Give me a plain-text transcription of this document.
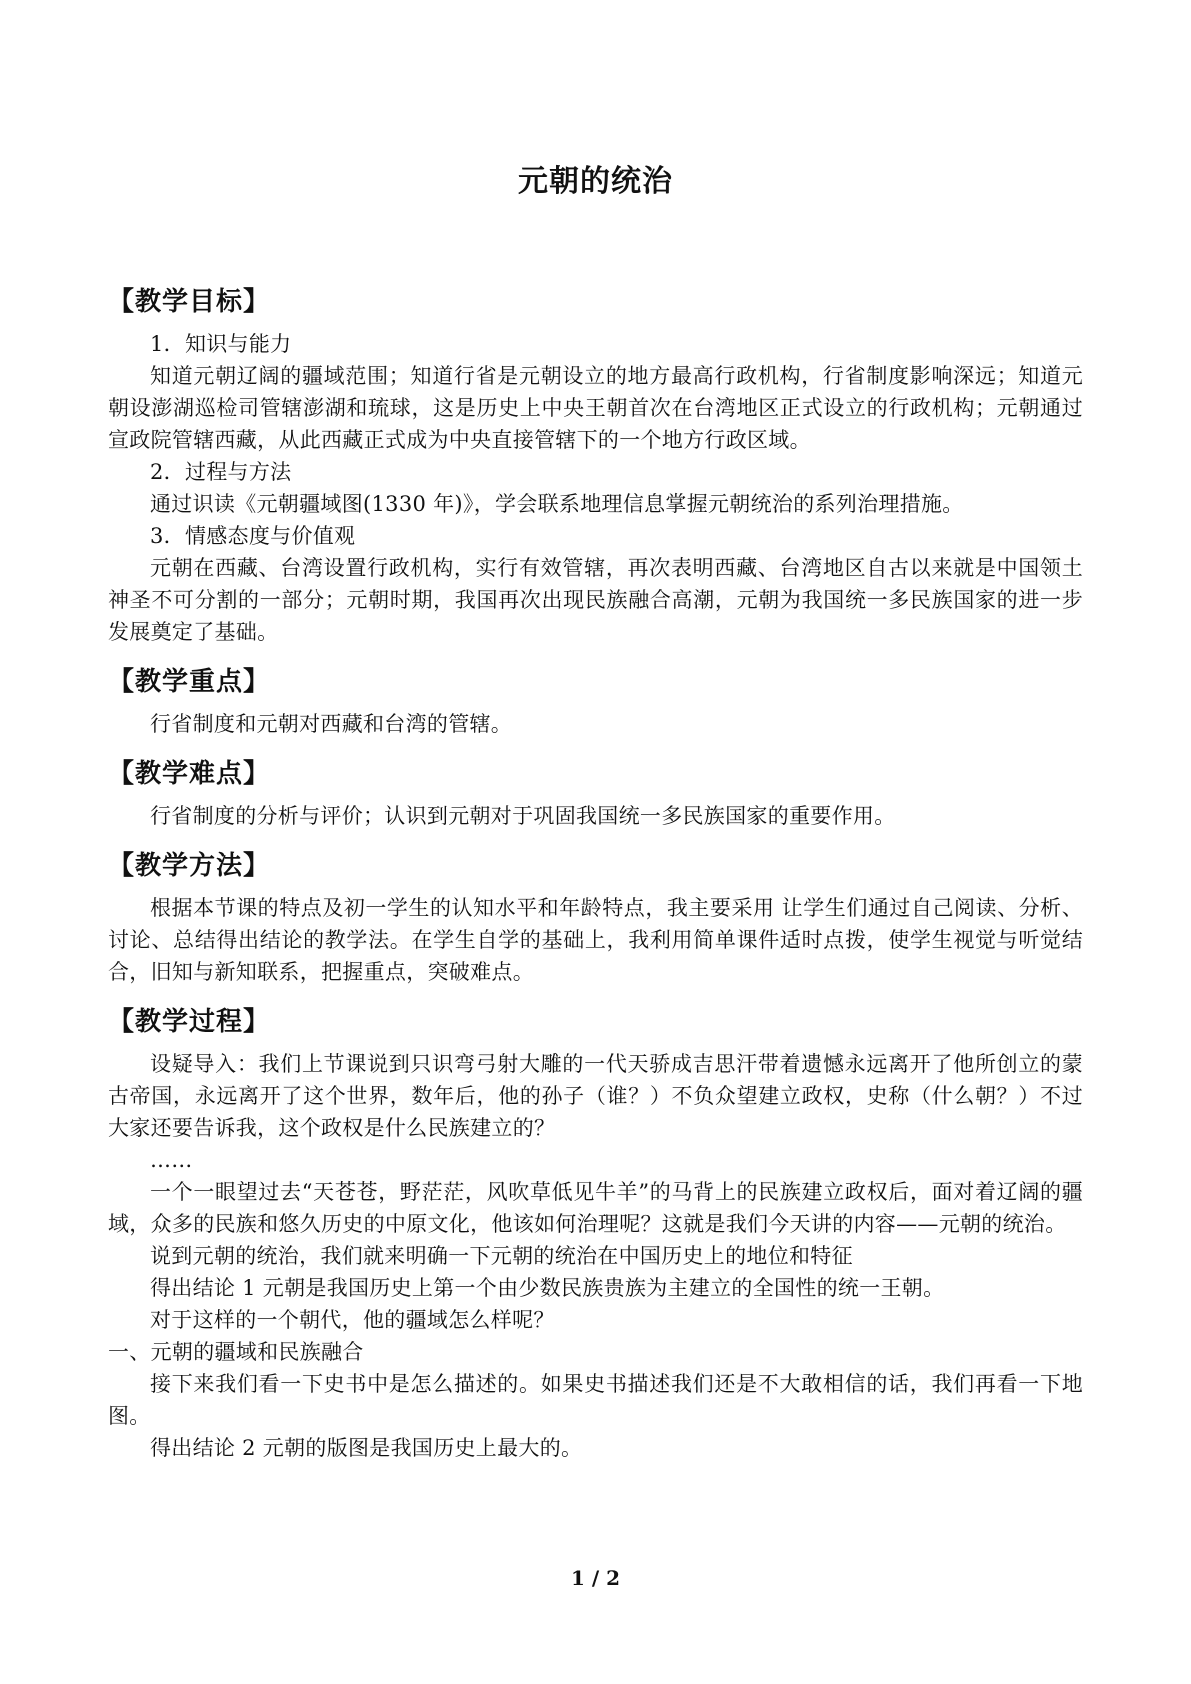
元朝的统治
【教学目标】

1．知识与能力

知道元朝辽阔的疆域范围；知道行省是元朝设立的地方最高行政机构，行省制度影响深远；知道元朝设澎湖巡检司管辖澎湖和琉球，这是历史上中央王朝首次在台湾地区正式设立的行政机构；元朝通过宣政院管辖西藏，从此西藏正式成为中央直接管辖下的一个地方行政区域。

2．过程与方法

通过识读《元朝疆域图(1330 年)》，学会联系地理信息掌握元朝统治的系列治理措施。

3．情感态度与价值观

元朝在西藏、台湾设置行政机构，实行有效管辖，再次表明西藏、台湾地区自古以来就是中国领土神圣不可分割的一部分；元朝时期，我国再次出现民族融合高潮，元朝为我国统一多民族国家的进一步发展奠定了基础。

【教学重点】

行省制度和元朝对西藏和台湾的管辖。

【教学难点】

行省制度的分析与评价；认识到元朝对于巩固我国统一多民族国家的重要作用。

【教学方法】

根据本节课的特点及初一学生的认知水平和年龄特点，我主要采用 让学生们通过自己阅读、分析、讨论、总结得出结论的教学法。在学生自学的基础上，我利用简单课件适时点拨，使学生视觉与听觉结合，旧知与新知联系，把握重点，突破难点。

【教学过程】

设疑导入：我们上节课说到只识弯弓射大雕的一代天骄成吉思汗带着遗憾永远离开了他所创立的蒙古帝国，永远离开了这个世界，数年后，他的孙子（谁？）不负众望建立政权，史称（什么朝？）不过大家还要告诉我，这个政权是什么民族建立的？

……

一个一眼望过去“天苍苍，野茫茫，风吹草低见牛羊”的马背上的民族建立政权后，面对着辽阔的疆域，众多的民族和悠久历史的中原文化，他该如何治理呢？这就是我们今天讲的内容——元朝的统治。

说到元朝的统治，我们就来明确一下元朝的统治在中国历史上的地位和特征

得出结论 1 元朝是我国历史上第一个由少数民族贵族为主建立的全国性的统一王朝。

对于这样的一个朝代，他的疆域怎么样呢？

一、元朝的疆域和民族融合

接下来我们看一下史书中是怎么描述的。如果史书描述我们还是不大敢相信的话，我们再看一下地图。

得出结论 2 元朝的版图是我国历史上最大的。

1 / 2
